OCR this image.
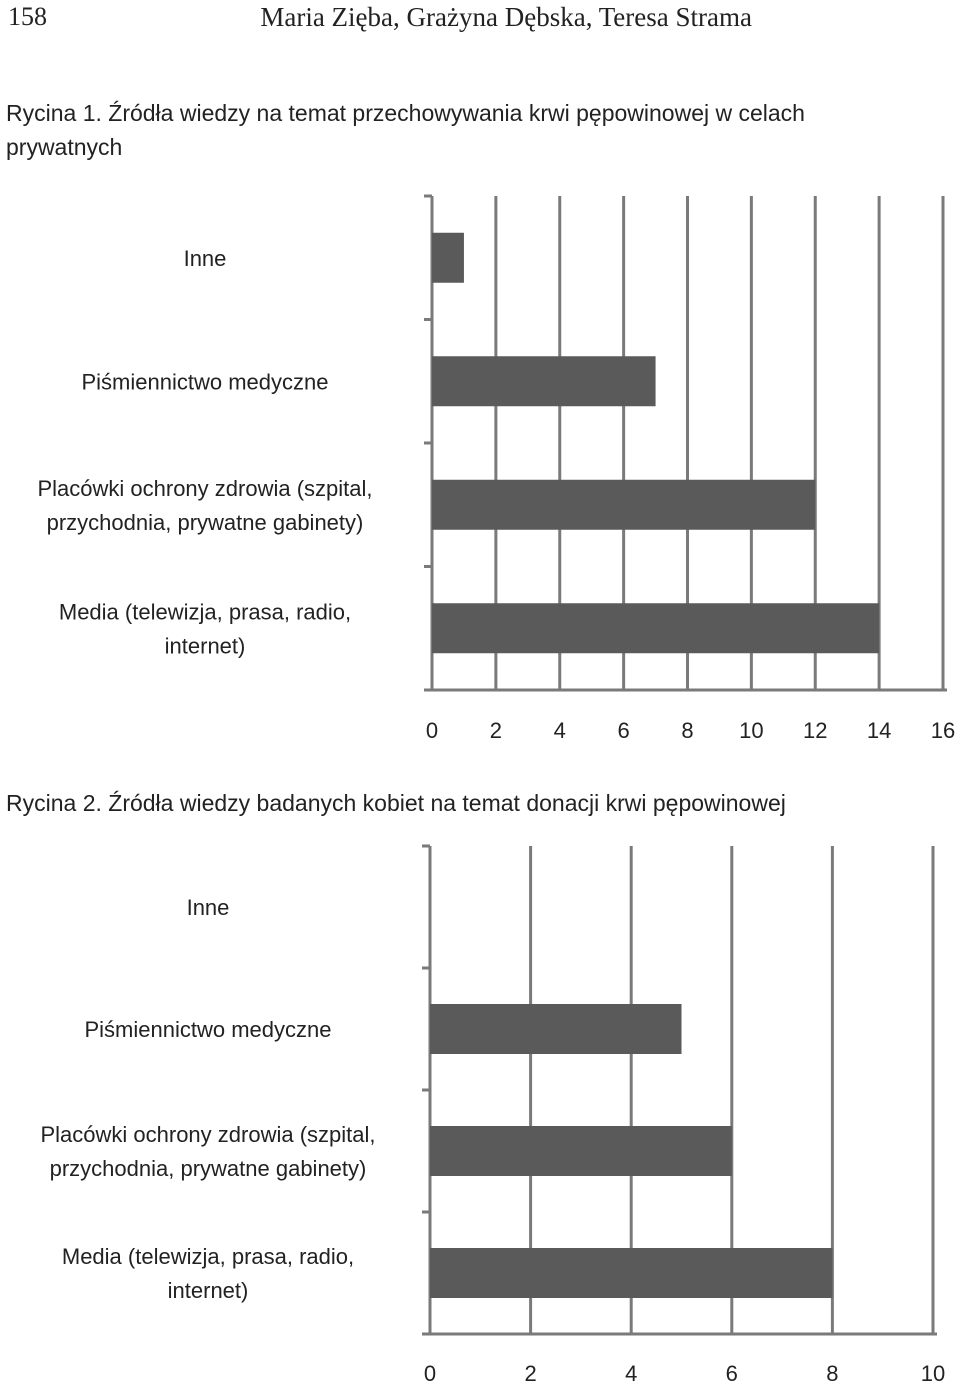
158	Maria Zięba, Grażyna Dębska, Teresa Strama
Rycina 1. Źródła wiedzy na temat przechowywania krwi pępowinowej w celach prywatnych
0 2 4 6 8 10 12 14 16
Inne
Piśmiennictwo medyczne
Placówki ochrony zdrowia (szpital,
przychodnia, prywatne gabinety)
Media (telewizja, prasa, radio,
internet)
Rycina 2. Źródła wiedzy badanych kobiet na temat donacji krwi pępowinowej
0	2	4	6	8	10
Inne
Piśmiennictwo medyczne
Placówki ochrony zdrowia (szpital,
przychodnia, prywatne gabinety)
Media (telewizja, prasa, radio,
internet)
